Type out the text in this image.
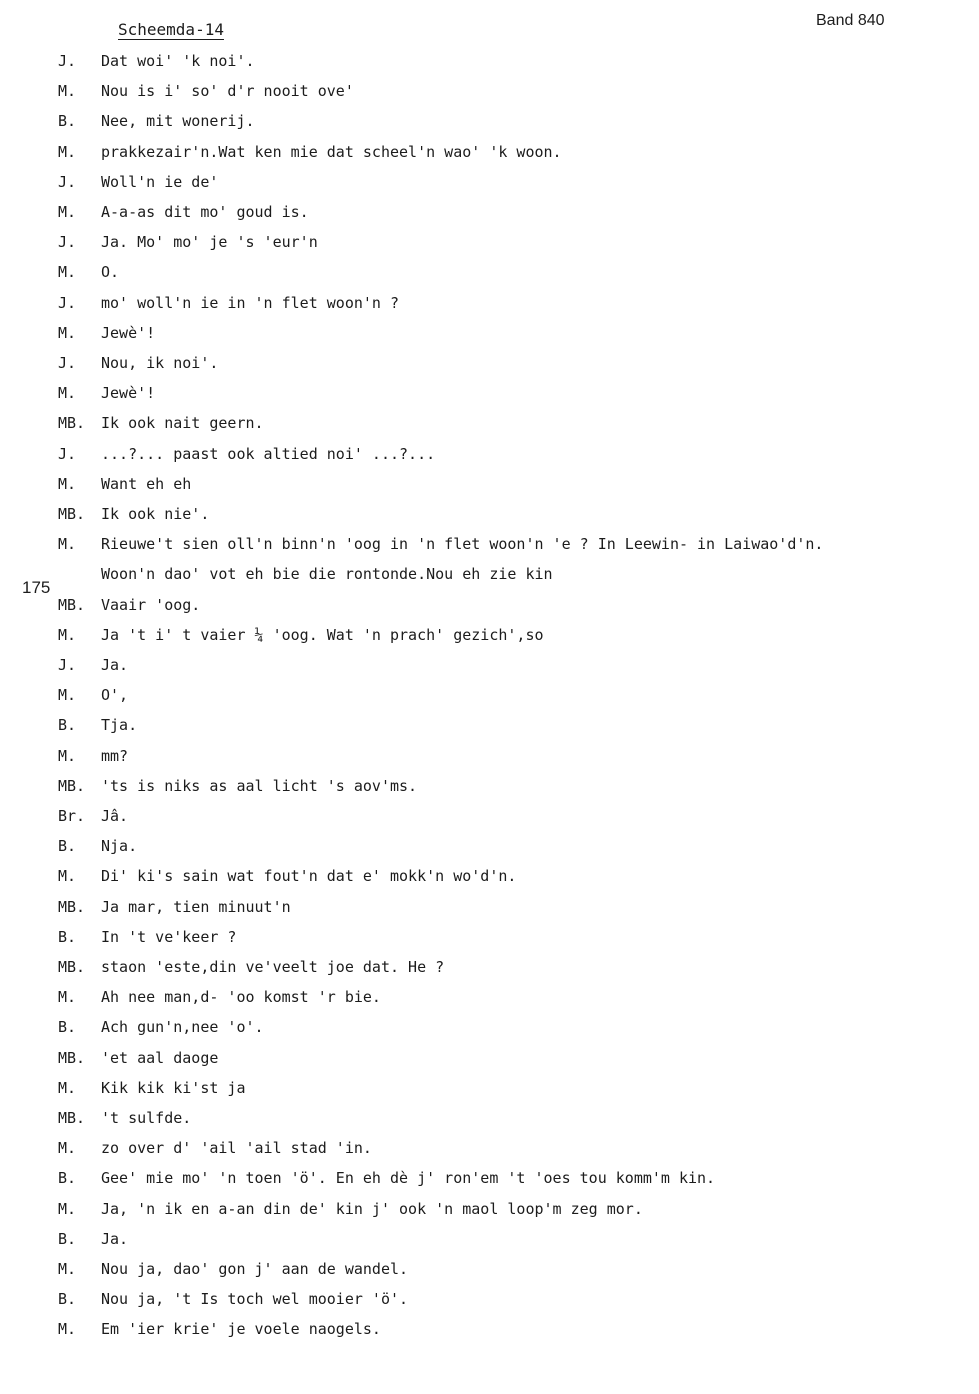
Scheemda-14	Band 840
175
J. Dat woi' 'k noi'.
M. Nou is i' so' d'r nooit ove'
B. Nee, mit wonerij.
M. prakkezair'n.Wat ken mie dat scheel'n wao' 'k woon.
J. Woll'n ie de'
M. A-a-as dit mo' goud is.
J. Ja. Mo' mo' je 's 'eur'n
M. O.
J. mo' woll'n ie in 'n flet woon'n ?
M. Jewè'!
J. Nou, ik noi'.
M. Jewè'!
MB. Ik ook nait geern.
J. ...?... paast ook altied noi' ...?...
M. Want eh eh
MB. Ik ook nie'.
M. Rieuwe't sien oll'n binn'n 'oog in 'n flet woon'n 'e ? In Leewin- in Laiwao'd'n.
Woon'n dao' vot eh bie die rontonde.Nou eh zie kin
MB. Vaair 'oog.
M. Ja 't i' t vaier ¼ 'oog. Wat 'n prach' gezich',so
J. Ja.
M. O',
B. Tja.
M. mm?
MB. 'ts is niks as aal licht 's aov'ms.
Br. Jâ.
B. Nja.
M. Di' ki's sain wat fout'n dat e' mokk'n wo'd'n.
MB. Ja mar, tien minuut'n
B. In 't ve'keer ?
MB. staon 'este,din ve'veelt joe dat. He ?
M. Ah nee man,d- 'oo komst 'r bie.
B. Ach gun'n,nee 'o'.
MB. 'et aal daoge
M. Kik kik ki'st ja
MB. 't sulfde.
M. zo over d' 'ail 'ail stad 'in.
B. Gee' mie mo' 'n toen 'ö'. En eh dè j' ron'em 't 'oes tou komm'm kin.
M. Ja, 'n ik en a-an din de' kin j' ook 'n maol loop'm zeg mor.
B. Ja.
M. Nou ja, dao' gon j' aan de wandel.
B. Nou ja, 't Is toch wel mooier 'ö'.
M. Em 'ier krie' je voele naogels.
